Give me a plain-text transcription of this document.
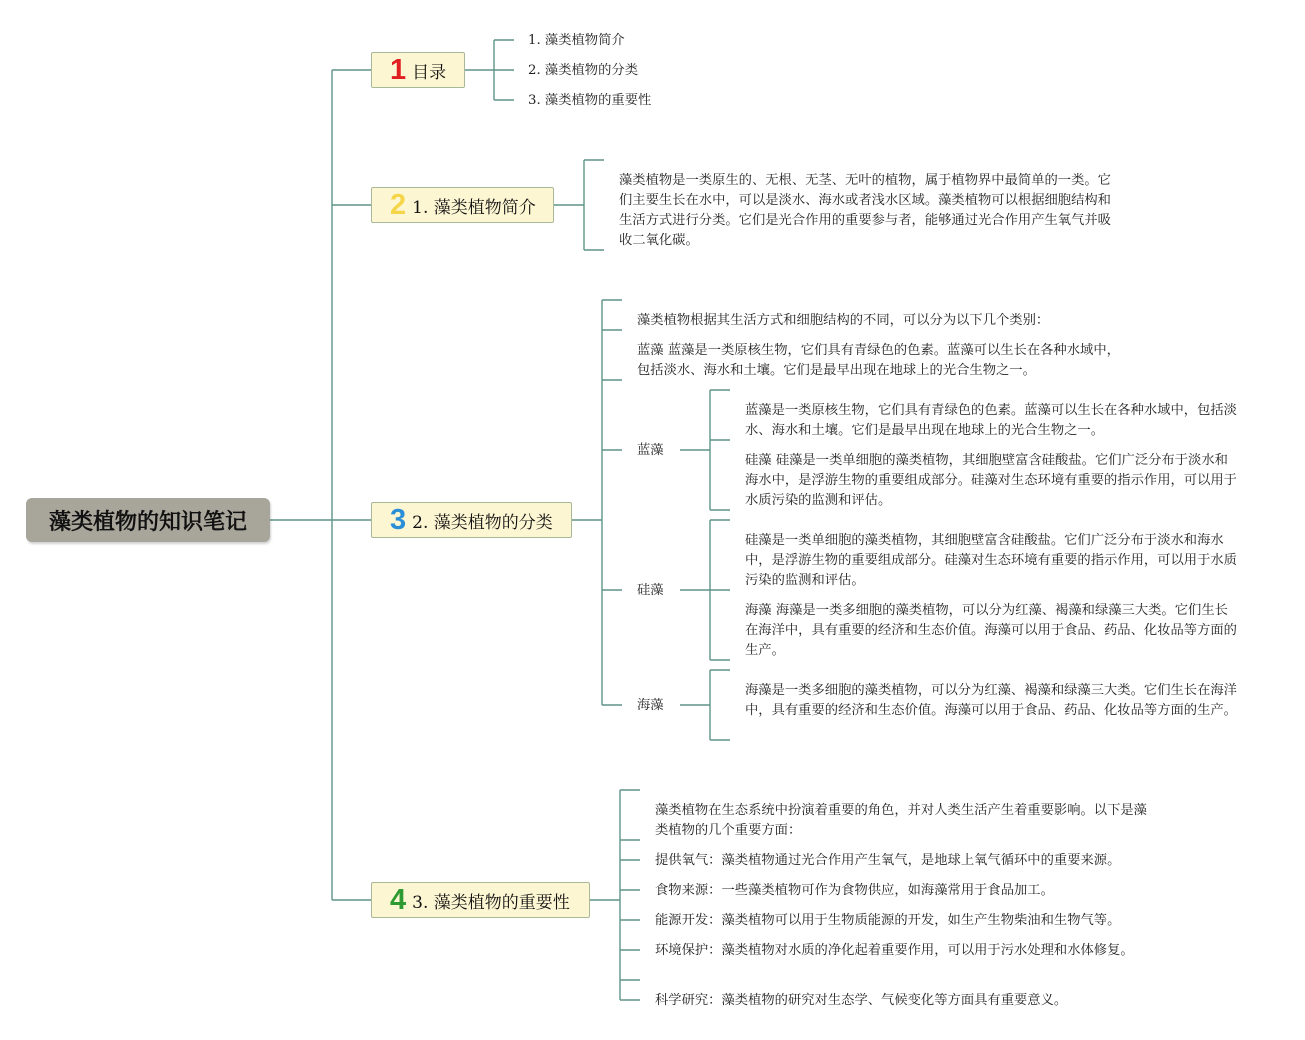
藻类植物的知识笔记
1 目录
2 1. 藻类植物简介
3 2. 藻类植物的分类
4 3. 藻类植物的重要性
1. 藻类植物简介
2. 藻类植物的分类
3. 藻类植物的重要性
藻类植物是一类原生的、无根、无茎、无叶的植物，属于植物界中最简单的一类。它们主要生长在水中，可以是淡水、海水或者浅水区域。藻类植物可以根据细胞结构和生活方式进行分类。它们是光合作用的重要参与者，能够通过光合作用产生氧气并吸收二氧化碳。
藻类植物根据其生活方式和细胞结构的不同，可以分为以下几个类别：
蓝藻 蓝藻是一类原核生物，它们具有青绿色的色素。蓝藻可以生长在各种水域中，包括淡水、海水和土壤。它们是最早出现在地球上的光合生物之一。
蓝藻
蓝藻是一类原核生物，它们具有青绿色的色素。蓝藻可以生长在各种水域中，包括淡水、海水和土壤。它们是最早出现在地球上的光合生物之一。
硅藻 硅藻是一类单细胞的藻类植物，其细胞壁富含硅酸盐。它们广泛分布于淡水和海水中，是浮游生物的重要组成部分。硅藻对生态环境有重要的指示作用，可以用于水质污染的监测和评估。
硅藻
硅藻是一类单细胞的藻类植物，其细胞壁富含硅酸盐。它们广泛分布于淡水和海水中，是浮游生物的重要组成部分。硅藻对生态环境有重要的指示作用，可以用于水质污染的监测和评估。
海藻 海藻是一类多细胞的藻类植物，可以分为红藻、褐藻和绿藻三大类。它们生长在海洋中，具有重要的经济和生态价值。海藻可以用于食品、药品、化妆品等方面的生产。
海藻
海藻是一类多细胞的藻类植物，可以分为红藻、褐藻和绿藻三大类。它们生长在海洋中，具有重要的经济和生态价值。海藻可以用于食品、药品、化妆品等方面的生产。
藻类植物在生态系统中扮演着重要的角色，并对人类生活产生着重要影响。以下是藻类植物的几个重要方面：
提供氧气：藻类植物通过光合作用产生氧气，是地球上氧气循环中的重要来源。
食物来源：一些藻类植物可作为食物供应，如海藻常用于食品加工。
能源开发：藻类植物可以用于生物质能源的开发，如生产生物柴油和生物气等。
环境保护：藻类植物对水质的净化起着重要作用，可以用于污水处理和水体修复。
科学研究：藻类植物的研究对生态学、气候变化等方面具有重要意义。
